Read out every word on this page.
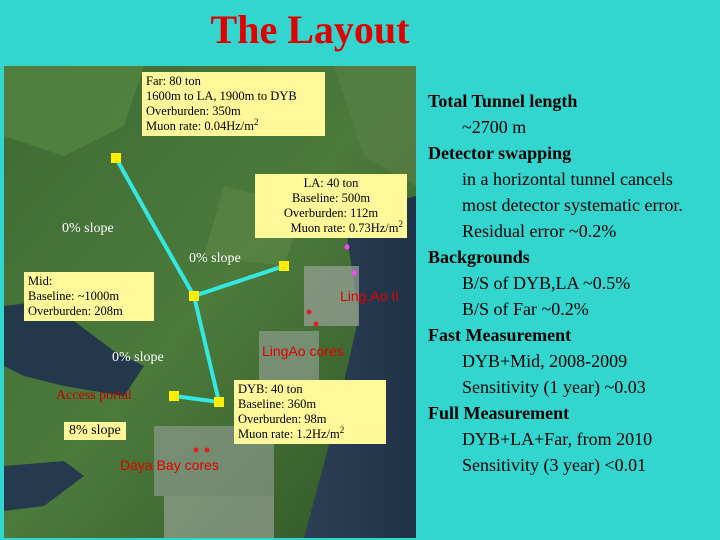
The Layout
Far: 80 ton
1600m to LA, 1900m to DYB
Overburden: 350m
Muon rate: $0.04Hz/m^2$
LA: 40 ton
Baseline: 500m
Overburden: 112m
Muon rate: $0.73Hz/m^2$
Mid:
Baseline: ~1000m
Overburden: 208m
DYB: 40 ton
Baseline: 360m
Overburden: 98m
Muon rate: $1.2Hz/m^2$
0% slope
0% slope
0% slope
Access portal
8% slope
Ling.Ao II
LingAo cores
Daya Bay cores
Total Tunnel length
~2700 m
Detector swapping
in a horizontal tunnel cancels
most detector systematic error.
Residual error ~0.2%
Backgrounds
B/S of DYB,LA ~0.5%
B/S of Far ~0.2%
Fast Measurement
DYB+Mid, 2008-2009
Sensitivity (1 year) ~0.03
Full Measurement
DYB+LA+Far, from 2010
Sensitivity (3 year) <0.01
